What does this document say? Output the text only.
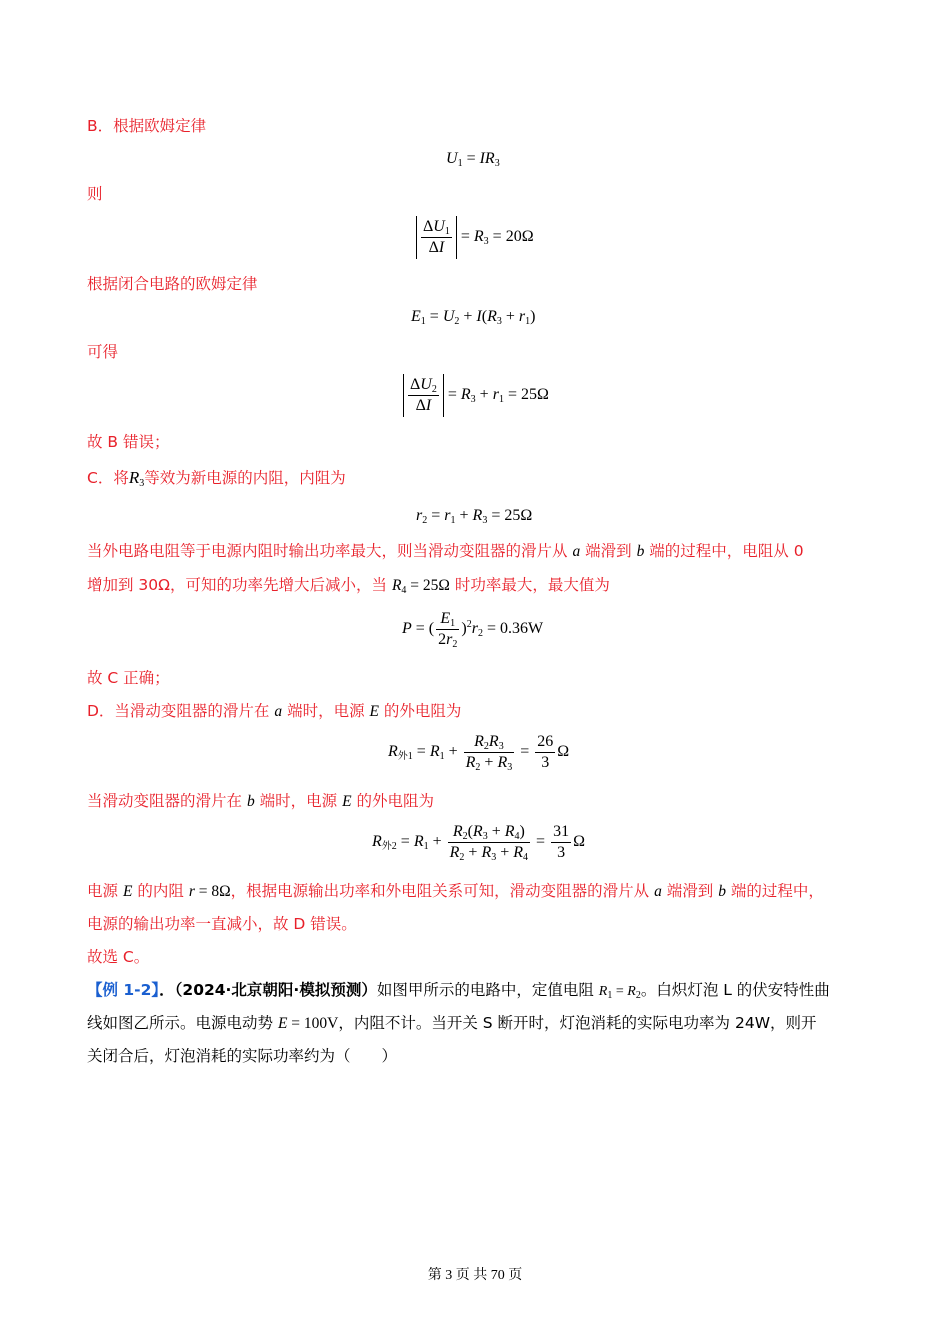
B．根据欧姆定律
$U_1 = IR_3$
则
$\frac{\Delta U_1}{\Delta I} = R_3 = 20\Omega$
根据闭合电路的欧姆定律
$E_1 = U_2 + I(R_3 + r_1)$
可得
$\frac{\Delta U_2}{\Delta I} = R_3 + r_1 = 25\Omega$
故 B 错误；
C．将$R_3$等效为新电源的内阻，内阻为
$r_2 = r_1 + R_3 = 25\Omega$
当外电路电阻等于电源内阻时输出功率最大，则当滑动变阻器的滑片从 a 端滑到 b 端的过程中，电阻从 0
增加到 30Ω，可知的功率先增大后减小，当 $R_4 = 25\Omega$ 时功率最大，最大值为
P = ( $\frac{E_1}{2r_2} )^2r_2 = 0.36W$
故 C 正确；
D．当滑动变阻器的滑片在 a 端时，电源 E 的外电阻为
$R_{外1} = R_1 + \frac{R_2R_3}{R_2 + R_3} = \frac{26}{3}$ Ω
当滑动变阻器的滑片在 b 端时，电源 E 的外电阻为
$R_{外2} = R_1 + \frac{R_2(R_3 + R_4)}{R_2 + R_3 + R_4} = \frac{31}{3}$ Ω
电源 E 的内阻 r = 8Ω，根据电源输出功率和外电阻关系可知，滑动变阻器的滑片从 a 端滑到 b 端的过程中，
电源的输出功率一直减小，故 D 错误。
故选 C。
【例 1-2】．（2024·北京朝阳·模拟预测）如图甲所示的电路中，定值电阻 $R_1 = R_2$。白炽灯泡 L 的伏安特性曲
线如图乙所示。电源电动势 E = 100V，内阻不计。当开关 S 断开时，灯泡消耗的实际电功率为 24W，则开
关闭合后，灯泡消耗的实际功率约为（　　）
第 3 页 共 70 页
